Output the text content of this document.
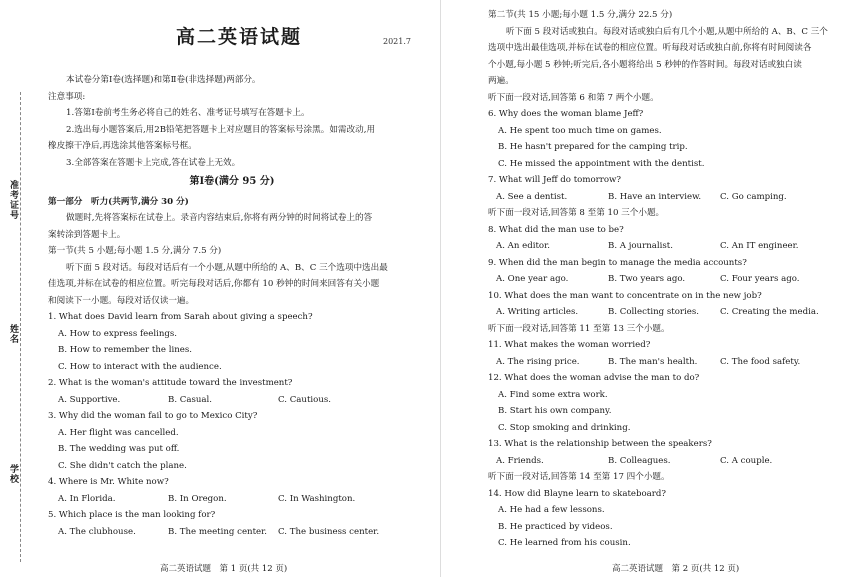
准考证号
姓名
学校
高二英语试题	2021.7
本试卷分第Ⅰ卷(选择题)和第Ⅱ卷(非选择题)两部分。
注意事项:
1.答第Ⅰ卷前考生务必将自己的姓名、准考证号填写在答题卡上。
2.选出每小题答案后,用2B铅笔把答题卡上对应题目的答案标号涂黑。如需改动,用
橡皮擦干净后,再选涂其他答案标号框。
3.全部答案在答题卡上完成,答在试卷上无效。
第Ⅰ卷(满分 95 分)
第一部分　听力(共两节,满分 30 分)
做题时,先将答案标在试卷上。录音内容结束后,你将有两分钟的时间将试卷上的答
案转涂到答题卡上。
第一节(共 5 小题;每小题 1.5 分,满分 7.5 分)
听下面 5 段对话。每段对话后有一个小题,从题中所给的 A、B、C 三个选项中选出最
佳选项,并标在试卷的相应位置。听完每段对话后,你都有 10 秒钟的时间来回答有关小题
和阅读下一小题。每段对话仅读一遍。
1. What does David learn from Sarah about giving a speech?
A. How to express feelings.
B. How to remember the lines.
C. How to interact with the audience.
2. What is the woman's attitude toward the investment?
A. Supportive.	B. Casual.	C. Cautious.
3. Why did the woman fail to go to Mexico City?
A. Her flight was cancelled.
B. The wedding was put off.
C. She didn't catch the plane.
4. Where is Mr. White now?
A. In Florida.	B. In Oregon.	C. In Washington.
5. Which place is the man looking for?
A. The clubhouse.	B. The meeting center.	C. The business center.
高二英语试题　第 1 页(共 12 页)
第二节(共 15 小题;每小题 1.5 分,满分 22.5 分)
听下面 5 段对话或独白。每段对话或独白后有几个小题,从题中所给的 A、B、C 三个
选项中选出最佳选项,并标在试卷的相应位置。听每段对话或独白前,你将有时间阅读各
个小题,每小题 5 秒钟;听完后,各小题将给出 5 秒钟的作答时间。每段对话或独白读
两遍。
听下面一段对话,回答第 6 和第 7 两个小题。
6. Why does the woman blame Jeff?
A. He spent too much time on games.
B. He hasn't prepared for the camping trip.
C. He missed the appointment with the dentist.
7. What will Jeff do tomorrow?
A. See a dentist.	B. Have an interview.	C. Go camping.
听下面一段对话,回答第 8 至第 10 三个小题。
8. What did the man use to be?
A. An editor.	B. A journalist.	C. An IT engineer.
9. When did the man begin to manage the media accounts?
A. One year ago.	B. Two years ago.	C. Four years ago.
10. What does the man want to concentrate on in the new job?
A. Writing articles.	B. Collecting stories.	C. Creating the media.
听下面一段对话,回答第 11 至第 13 三个小题。
11. What makes the woman worried?
A. The rising price.	B. The man's health.	C. The food safety.
12. What does the woman advise the man to do?
A. Find some extra work.
B. Start his own company.
C. Stop smoking and drinking.
13. What is the relationship between the speakers?
A. Friends.	B. Colleagues.	C. A couple.
听下面一段对话,回答第 14 至第 17 四个小题。
14. How did Blayne learn to skateboard?
A. He had a few lessons.
B. He practiced by videos.
C. He learned from his cousin.
高二英语试题　第 2 页(共 12 页)
